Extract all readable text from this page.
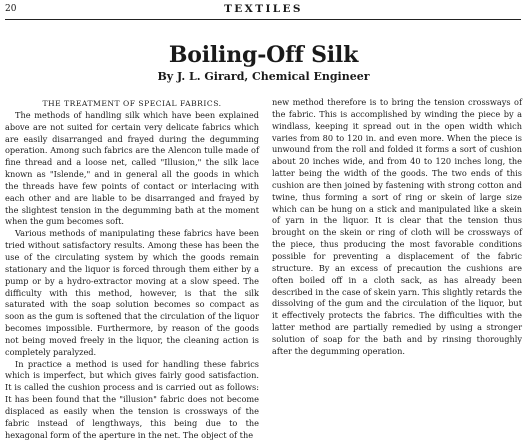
20	TEXTILES
Boiling-Off Silk
By J. L. Girard, Chemical Engineer

THE TREATMENT OF SPECIAL FABRICS.

The methods of handling silk which have been explained above are not suited for certain very delicate fabrics which are easily disarranged and frayed during the degumming operation. Among such fabrics are the Alencon tulle made of fine thread and a loose net, called "Illusion," the silk lace known as "Islende," and in general all the goods in which the threads have few points of contact or interlacing with each other and are liable to be disarranged and frayed by the slightest tension in the degumming bath at the moment when the gum becomes soft.

Various methods of manipulating these fabrics have been tried without satisfactory results. Among these has been the use of the circulating system by which the goods remain stationary and the liquor is forced through them either by a pump or by a hydro-extractor moving at a slow speed. The difficulty with this method, however, is that the silk saturated with the soap solution becomes so compact as soon as the gum is softened that the circulation of the liquor becomes impossible. Furthermore, by reason of the goods not being moved freely in the liquor, the cleaning action is completely paralyzed.

In practice a method is used for handling these fabrics which is imperfect, but which gives fairly good satisfaction. It is called the cushion process and is carried out as follows: It has been found that the "illusion" fabric does not become displaced as easily when the tension is crossways of the fabric instead of lengthways, this being due to the hexagonal form of the aperture in the net. The object of the

new method therefore is to bring the tension crossways of the fabric. This is accomplished by winding the piece by a windlass, keeping it spread out in the open width which varies from 80 to 120 in. and even more. When the piece is unwound from the roll and folded it forms a sort of cushion about 20 inches wide, and from 40 to 120 inches long, the latter being the width of the goods. The two ends of this cushion are then joined by fastening with strong cotton and twine, thus forming a sort of ring or skein of large size which can be hung on a stick and manipulated like a skein of yarn in the liquor. It is clear that the tension thus brought on the skein or ring of cloth will be crossways of the piece, thus producing the most favorable conditions possible for preventing a displacement of the fabric structure. By an excess of precaution the cushions are often boiled off in a cloth sack, as has already been described in the case of skein yarn. This slightly retards the dissolving of the gum and the circulation of the liquor, but it effectively protects the fabrics. The difficulties with the latter method are partially remedied by using a stronger solution of soap for the bath and by rinsing thoroughly after the degumming operation.
